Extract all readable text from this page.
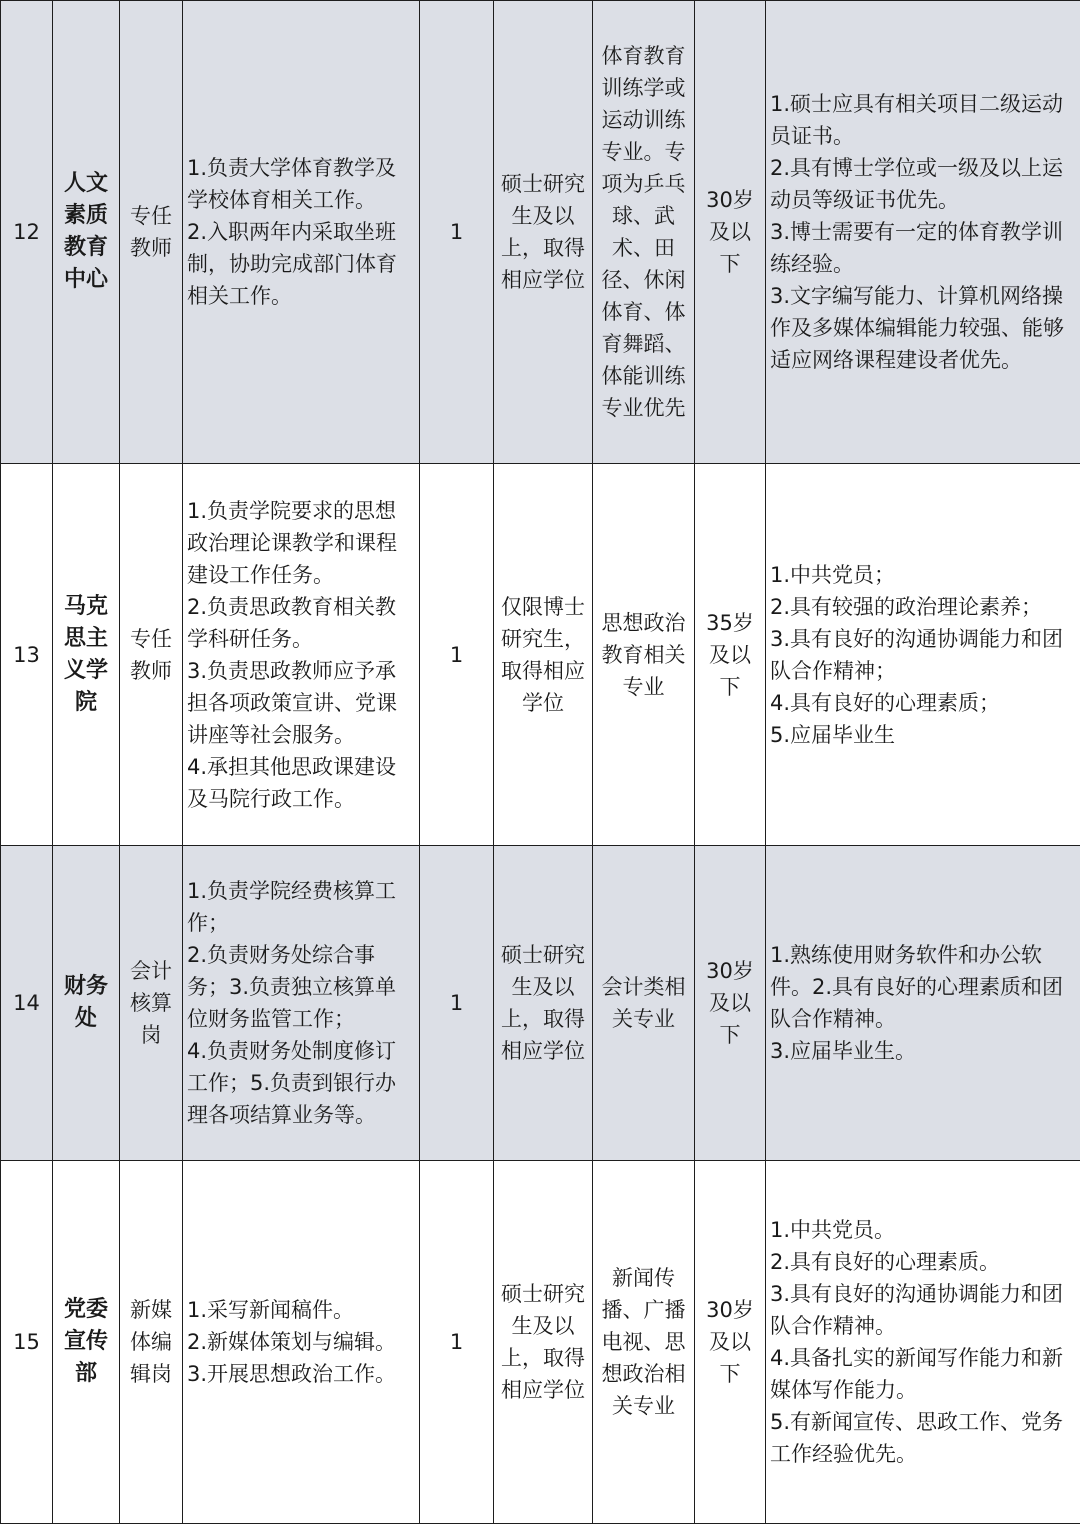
12	人文素质教育中心	专任教师	1.负责大学体育教学及学校体育相关工作。
2.入职两年内采取坐班制，协助完成部门体育相关工作。	1	硕士研究生及以上，取得相应学位	体育教育训练学或运动训练专业。专项为乒乓球、武术、田径、休闲体育、体育舞蹈、体能训练专业优先	30岁及以下	1.硕士应具有相关项目二级运动员证书。
2.具有博士学位或一级及以上运动员等级证书优先。
3.博士需要有一定的体育教学训练经验。
3.文字编写能力、计算机网络操作及多媒体编辑能力较强、能够适应网络课程建设者优先。

13	马克思主义学院	专任教师	1.负责学院要求的思想政治理论课教学和课程建设工作任务。
2.负责思政教育相关教学科研任务。
3.负责思政教师应予承担各项政策宣讲、党课讲座等社会服务。
4.承担其他思政课建设及马院行政工作。	1	仅限博士研究生，取得相应学位	思想政治教育相关专业	35岁及以下	1.中共党员；
2.具有较强的政治理论素养；
3.具有良好的沟通协调能力和团队合作精神；
4.具有良好的心理素质；
5.应届毕业生

14	财务处	会计核算岗	1.负责学院经费核算工作；
2.负责财务处综合事务；3.负责独立核算单位财务监管工作；
4.负责财务处制度修订工作；5.负责到银行办理各项结算业务等。	1	硕士研究生及以上，取得相应学位	会计类相关专业	30岁及以下	1.熟练使用财务软件和办公软件。2.具有良好的心理素质和团队合作精神。
3.应届毕业生。

15	党委宣传部	新媒体编辑岗	1.采写新闻稿件。
2.新媒体策划与编辑。
3.开展思想政治工作。	1	硕士研究生及以上，取得相应学位	新闻传播、广播电视、思想政治相关专业	30岁及以下	1.中共党员。
2.具有良好的心理素质。
3.具有良好的沟通协调能力和团队合作精神。
4.具备扎实的新闻写作能力和新媒体写作能力。
5.有新闻宣传、思政工作、党务工作经验优先。
